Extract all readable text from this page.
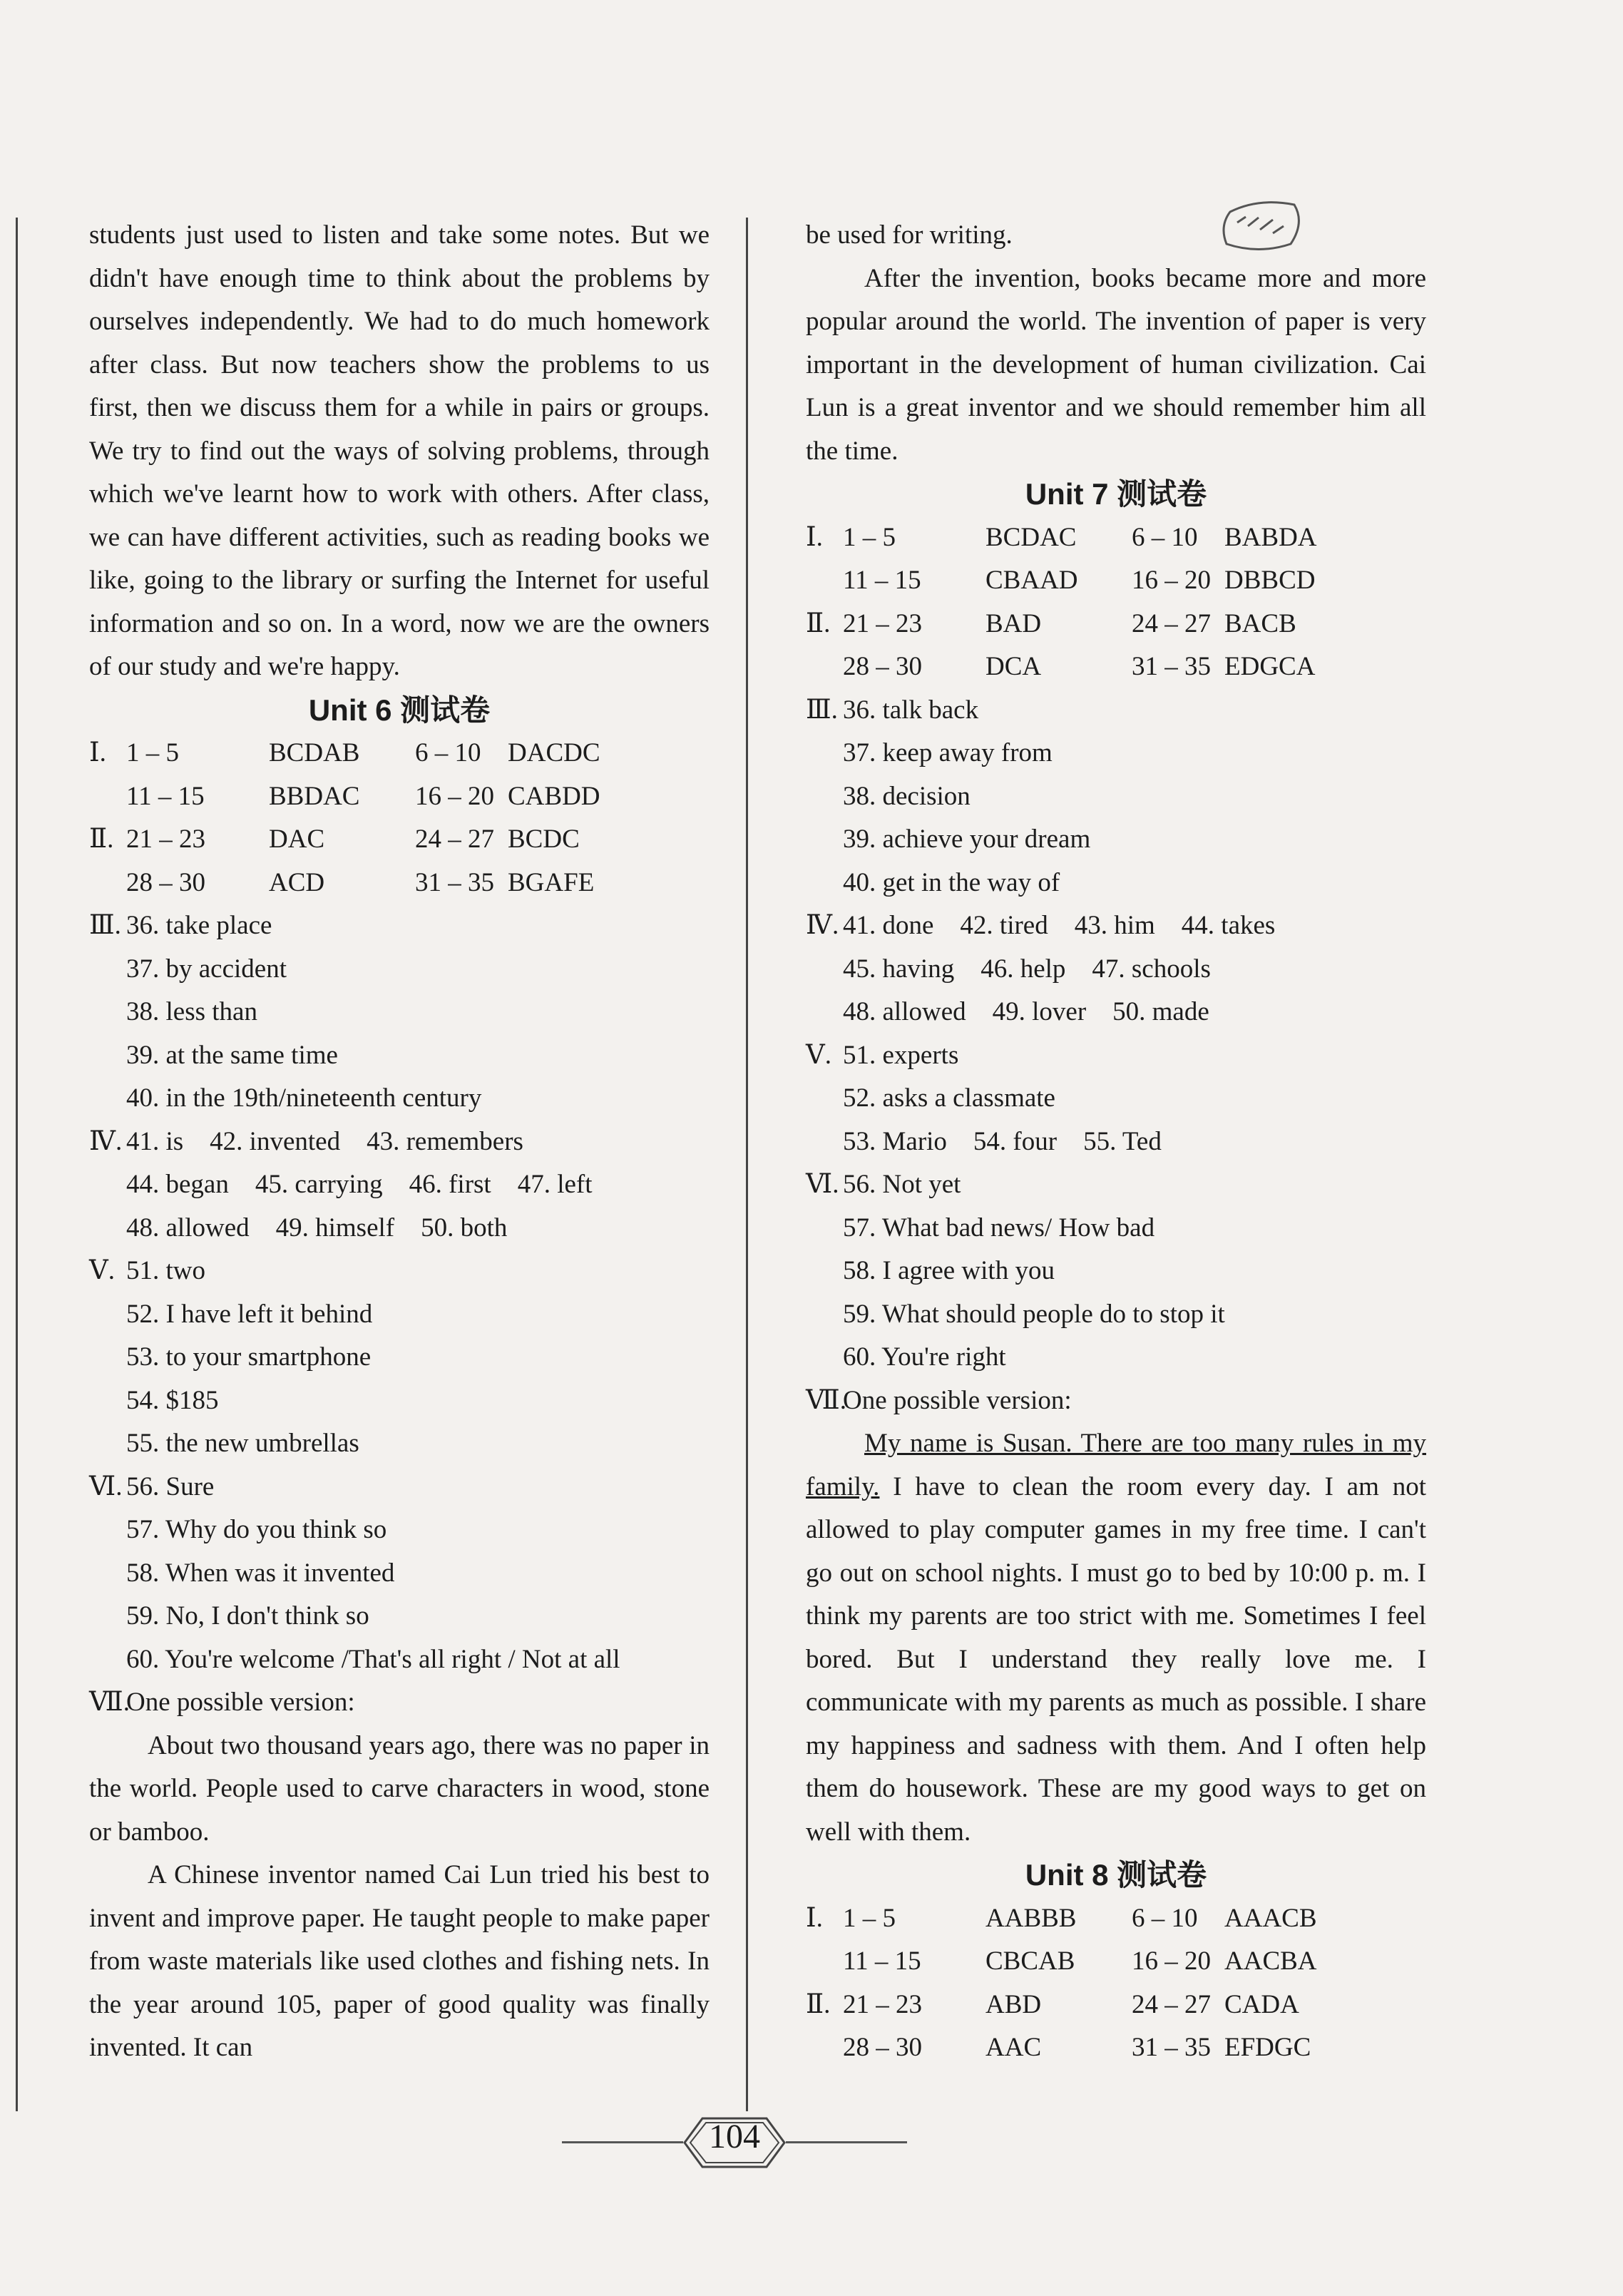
students just used to listen and take some notes. But we didn't have enough time to think about the problems by ourselves independently. We had to do much homework after class. But now teachers show the problems to us first, then we discuss them for a while in pairs or groups. We try to find out the ways of solving problems, through which we've learnt how to work with others. After class, we can have different activities, such as reading books we like, going to the library or surfing the Internet for useful information and so on. In a word, now we are the owners of our study and we're happy.
Unit 6 测试卷
Ⅰ. 1 – 5	BCDAB	6 – 10	DACDC
11 – 15	BBDAC	16 – 20 CABDD
Ⅱ. 21 – 23	DAC	24 – 27 BCDC
28 – 30	ACD	31 – 35 BGAFE
Ⅲ. 36. take place
37. by accident
38. less than
39. at the same time
40. in the 19th/nineteenth century
Ⅳ. 41. is    42. invented    43. remembers
44. began    45. carrying    46. first    47. left
48. allowed    49. himself    50. both
Ⅴ. 51. two
52. I have left it behind
53. to your smartphone
54. $185
55. the new umbrellas
Ⅵ. 56. Sure
57. Why do you think so
58. When was it invented
59. No, I don't think so
60. You're welcome /That's all right / Not at all
Ⅶ.
One possible version:
About two thousand years ago, there was no paper in the world. People used to carve characters in wood, stone or bamboo.
A Chinese inventor named Cai Lun tried his best to invent and improve paper. He taught people to make paper from waste materials like used clothes and fishing nets. In the year around 105, paper of good quality was finally invented. It can
be used for writing.
After the invention, books became more and more popular around the world. The invention of paper is very important in the development of human civilization. Cai Lun is a great inventor and we should remember him all the time.
Unit 7 测试卷
Ⅰ. 1 – 5	BCDAC	6 – 10	BABDA
11 – 15	CBAAD	16 – 20 DBBCD
Ⅱ. 21 – 23	BAD	24 – 27 BACB
28 – 30	DCA	31 – 35 EDGCA
Ⅲ. 36. talk back
37. keep away from
38. decision
39. achieve your dream
40. get in the way of
Ⅳ. 41. done    42. tired    43. him    44. takes
45. having    46. help    47. schools
48. allowed    49. lover    50. made
Ⅴ. 51. experts
52. asks a classmate
53. Mario    54. four    55. Ted
Ⅵ. 56. Not yet
57. What bad news/ How bad
58. I agree with you
59. What should people do to stop it
60. You're right
Ⅶ.
One possible version:
My name is Susan. There are too many rules in my family. I have to clean the room every day. I am not allowed to play computer games in my free time. I can't go out on school nights. I must go to bed by 10:00 p. m. I think my parents are too strict with me. Sometimes I feel bored. But I understand they really love me. I communicate with my parents as much as possible. I share my happiness and sadness with them. And I often help them do housework. These are my good ways to get on well with them.
Unit 8 测试卷
Ⅰ. 1 – 5	AABBB	6 – 10	AAACB
11 – 15	CBCAB	16 – 20 AACBA
Ⅱ. 21 – 23	ABD	24 – 27 CADA
28 – 30	AAC	31 – 35 EFDGC
104
